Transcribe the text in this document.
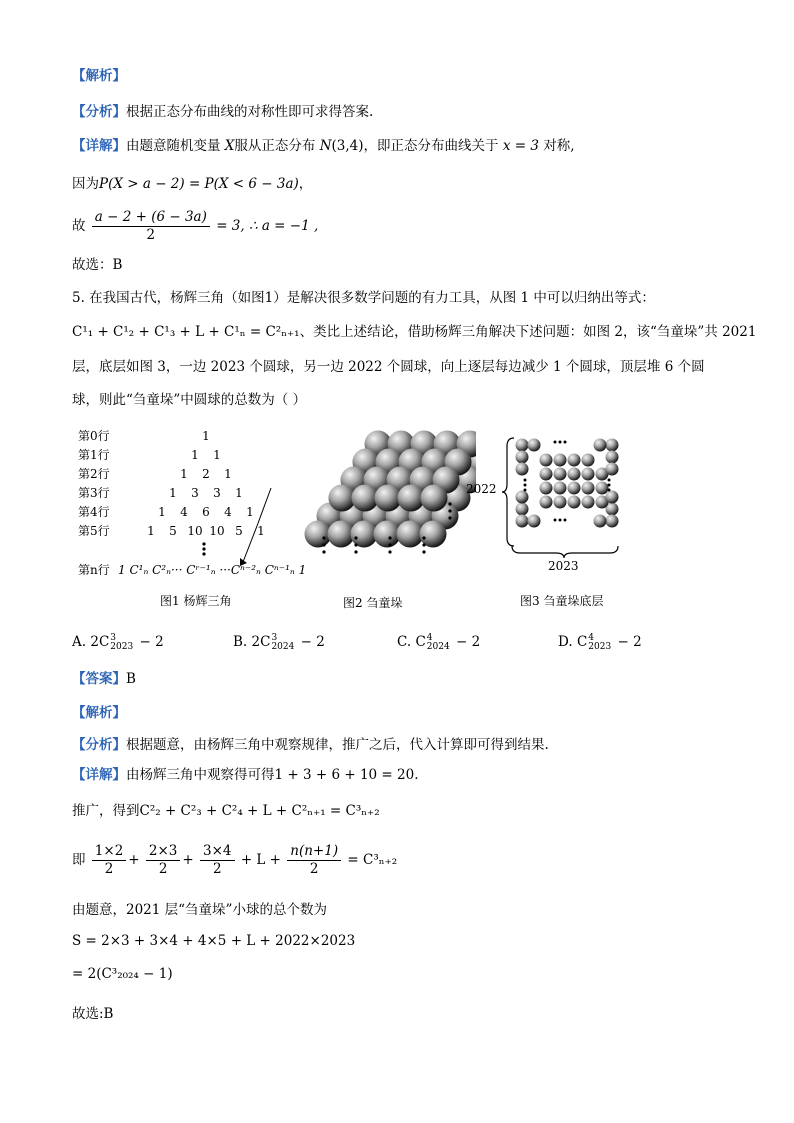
【解析】
【分析】根据正态分布曲线的对称性即可求得答案.
【详解】由题意随机变量 X服从正态分布 N(3,4)，即正态分布曲线关于 x = 3 对称,
因为P(X > a − 2) = P(X < 6 − 3a)，
故 $\frac{a - 2 + (6 - 3a)}{2} = 3$, ∴ a = −1 ,
故选：B
5. 在我国古代，杨辉三角（如图1）是解决很多数学问题的有力工具，从图 1 中可以归纳出等式：
C¹₁ + C¹₂ + C¹₃ + L + C¹ₙ = C²ₙ₊₁、类比上述结论，借助杨辉三角解决下述问题：如图 2，该“刍童垛”共 2021
层，底层如图 3，一边 2023 个圆球，另一边 2022 个圆球，向上逐层每边减少 1 个圆球，顶层堆 6 个圆
球，则此“刍童垛”中圆球的总数为（ ）
第0行	1
第1行	1 1
第2行	1 2 1
第3行	1 3 3 1
第4行	1 4 6 4 1
第5行	1 5 10 10 5 1
第n行 1 C¹ₙ C²ₙ··· Cʳ⁻¹ₙ ···Cⁿ⁻²ₙ Cⁿ⁻¹ₙ 1
图1 杨辉三角	图2 刍童垛
2022
2023
图3 刍童垛底层
A. 2C 3
2023 − 2	B. 2C 3
2024 − 2	C. C 4
2024 − 2	D. C 4
2023 − 2
【答案】B
【解析】
【分析】根据题意，由杨辉三角中观察规律，推广之后，代入计算即可得到结果.
【详解】由杨辉三角中观察得可得1 + 3 + 6 + 10 = 20.
推广，得到C²₂ + C²₃ + C²₄ + L + C²ₙ₊₁ = C³ₙ₊₂
即 $\frac{1\times 2}{2} + \frac{2\times 3}{2} + \frac{3\times 4}{2} + L + \frac{n(n+1)}{2} = C^3_{n+2}$
由题意，2021 层“刍童垛”小球的总个数为
S = 2×3 + 3×4 + 4×5 + L + 2022×2023
= 2(C³₂₀₂₄ − 1)
故选:B
